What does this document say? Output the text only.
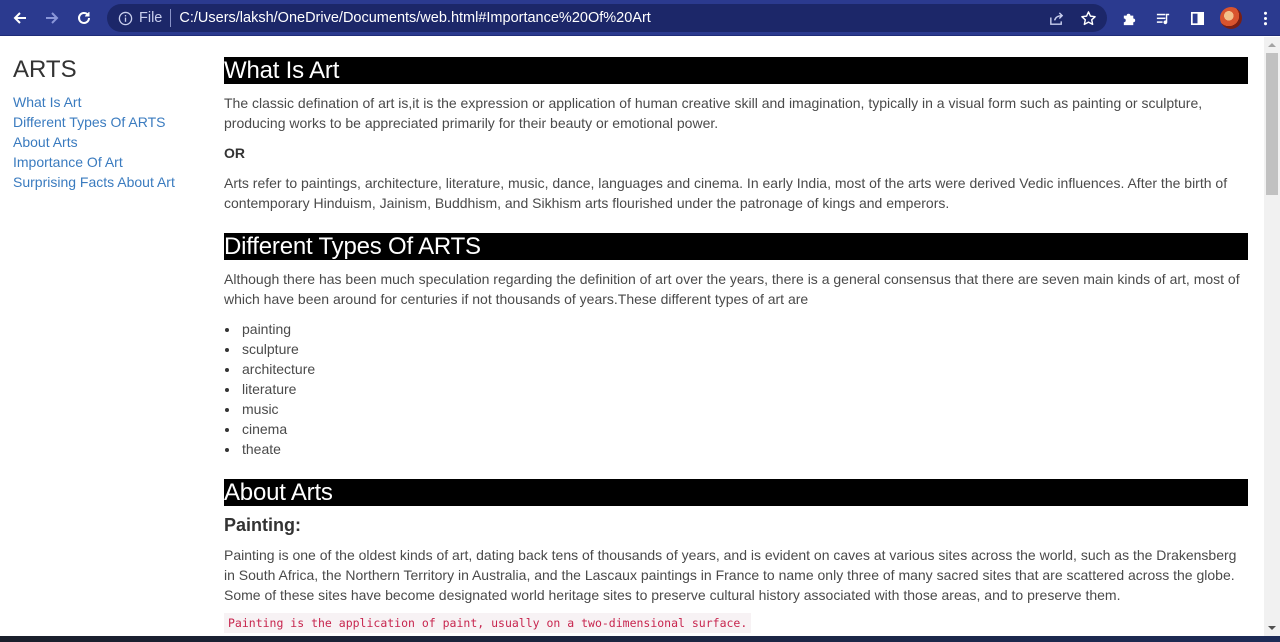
File C:/Users/laksh/OneDrive/Documents/web.html#Importance%20Of%20Art
ARTS
What Is Art
Different Types Of ARTS
About Arts
Importance Of Art
Surprising Facts About Art
What Is Art

The classic defination of art is,it is the expression or application of human creative skill and imagination, typically in a visual form such as painting or sculpture, producing works to be appreciated primarily for their beauty or emotional power.

OR

Arts refer to paintings, architecture, literature, music, dance, languages and cinema. In early India, most of the arts were derived Vedic influences. After the birth of contemporary Hinduism, Jainism, Buddhism, and Sikhism arts flourished under the patronage of kings and emperors.

Different Types Of ARTS

Although there has been much speculation regarding the definition of art over the years, there is a general consensus that there are seven main kinds of art, most of which have been around for centuries if not thousands of years.These different types of art are

painting
sculpture
architecture
literature
music
cinema
theate
About Arts
Painting:

Painting is one of the oldest kinds of art, dating back tens of thousands of years, and is evident on caves at various sites across the world, such as the Drakensberg in South Africa, the Northern Territory in Australia, and the Lascaux paintings in France to name only three of many sacred sites that are scattered across the globe. Some of these sites have become designated world heritage sites to preserve cultural history associated with those areas, and to preserve them.

Painting is the application of paint, usually on a two-dimensional surface.
